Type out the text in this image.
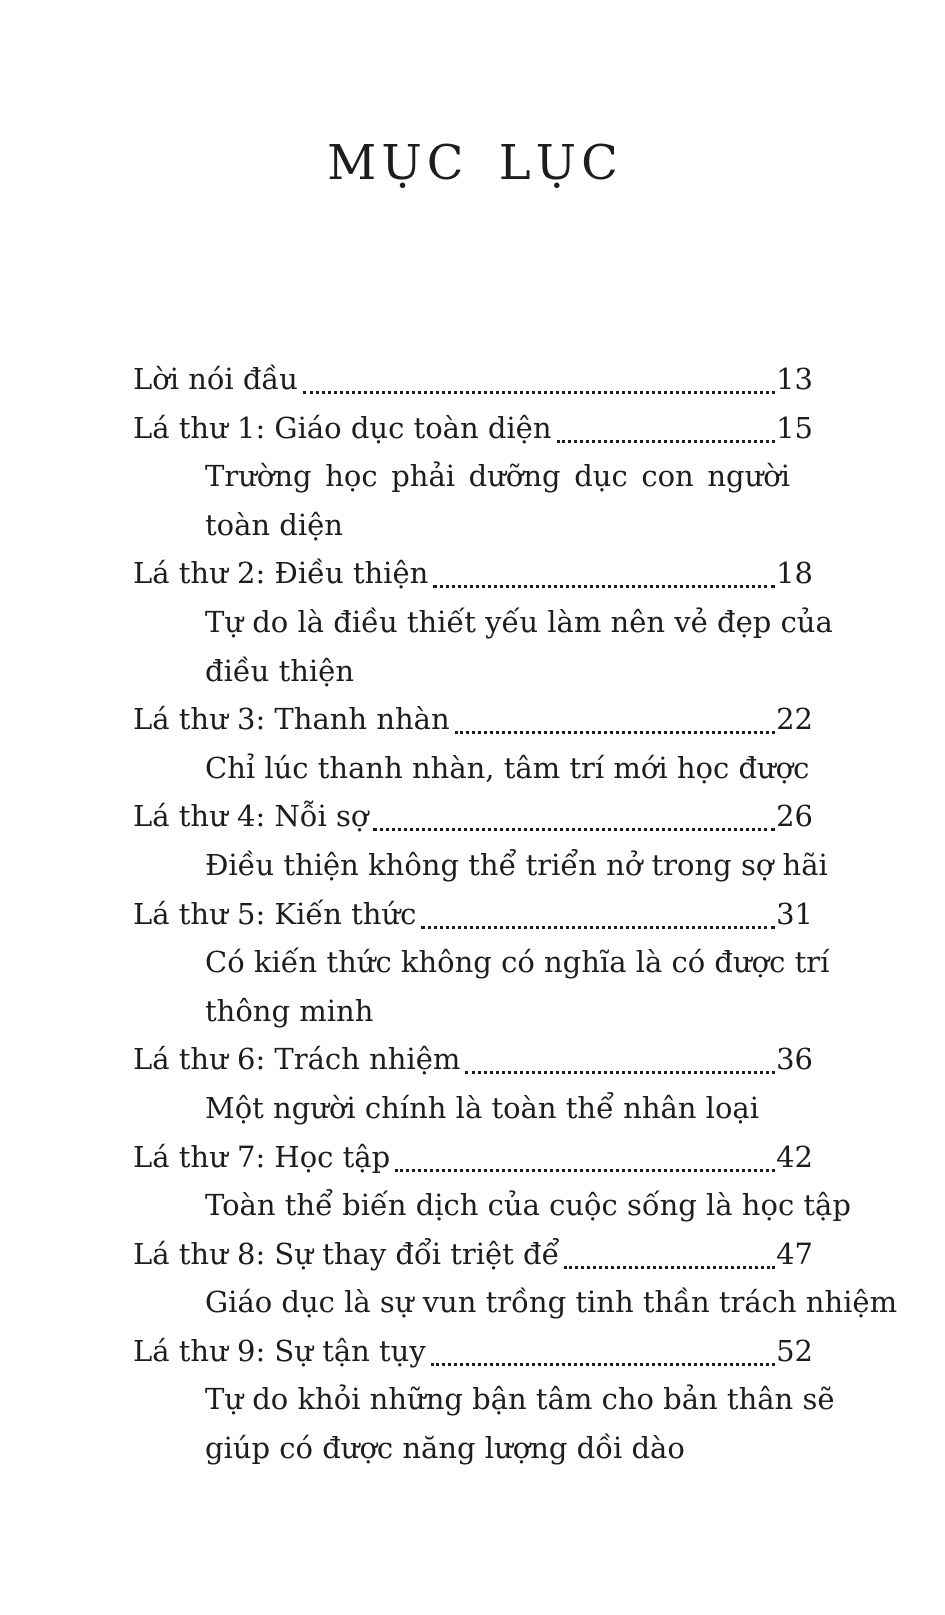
MỤC LỤC
Lời nói đầu	13
Lá thư 1: Giáo dục toàn diện	15
Trường học phải dưỡng dục con người
toàn diện
Lá thư 2: Điều thiện	18
Tự do là điều thiết yếu làm nên vẻ đẹp của
điều thiện
Lá thư 3: Thanh nhàn	22
Chỉ lúc thanh nhàn, tâm trí mới học được
Lá thư 4: Nỗi sợ	26
Điều thiện không thể triển nở trong sợ hãi
Lá thư 5: Kiến thức	31
Có kiến thức không có nghĩa là có được trí
thông minh
Lá thư 6: Trách nhiệm	36
Một người chính là toàn thể nhân loại
Lá thư 7: Học tập	42
Toàn thể biến dịch của cuộc sống là học tập
Lá thư 8: Sự thay đổi triệt để	47
Giáo dục là sự vun trồng tinh thần trách nhiệm
Lá thư 9: Sự tận tụy	52
Tự do khỏi những bận tâm cho bản thân sẽ
giúp có được năng lượng dồi dào
